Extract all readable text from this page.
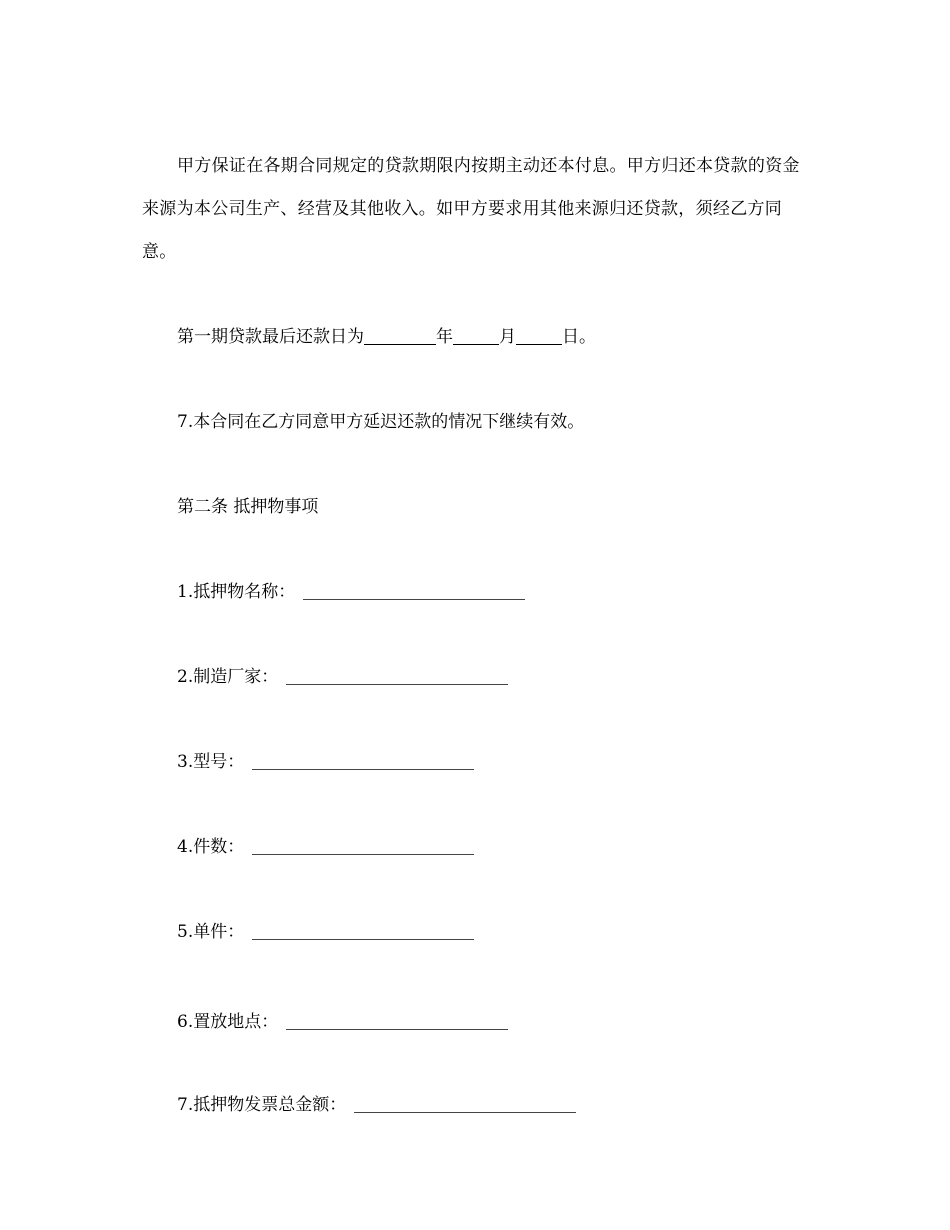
甲方保证在各期合同规定的贷款期限内按期主动还本付息。甲方归还本贷款的资金来源为本公司生产、经营及其他收入。如甲方要求用其他来源归还贷款，须经乙方同意。

第一期贷款最后还款日为	年	月	日。

7.本合同在乙方同意甲方延迟还款的情况下继续有效。

第二条 抵押物事项

1.抵押物名称：

2.制造厂家：

3.型号：

4.件数：

5.单件：

6.置放地点：

7.抵押物发票总金额：
